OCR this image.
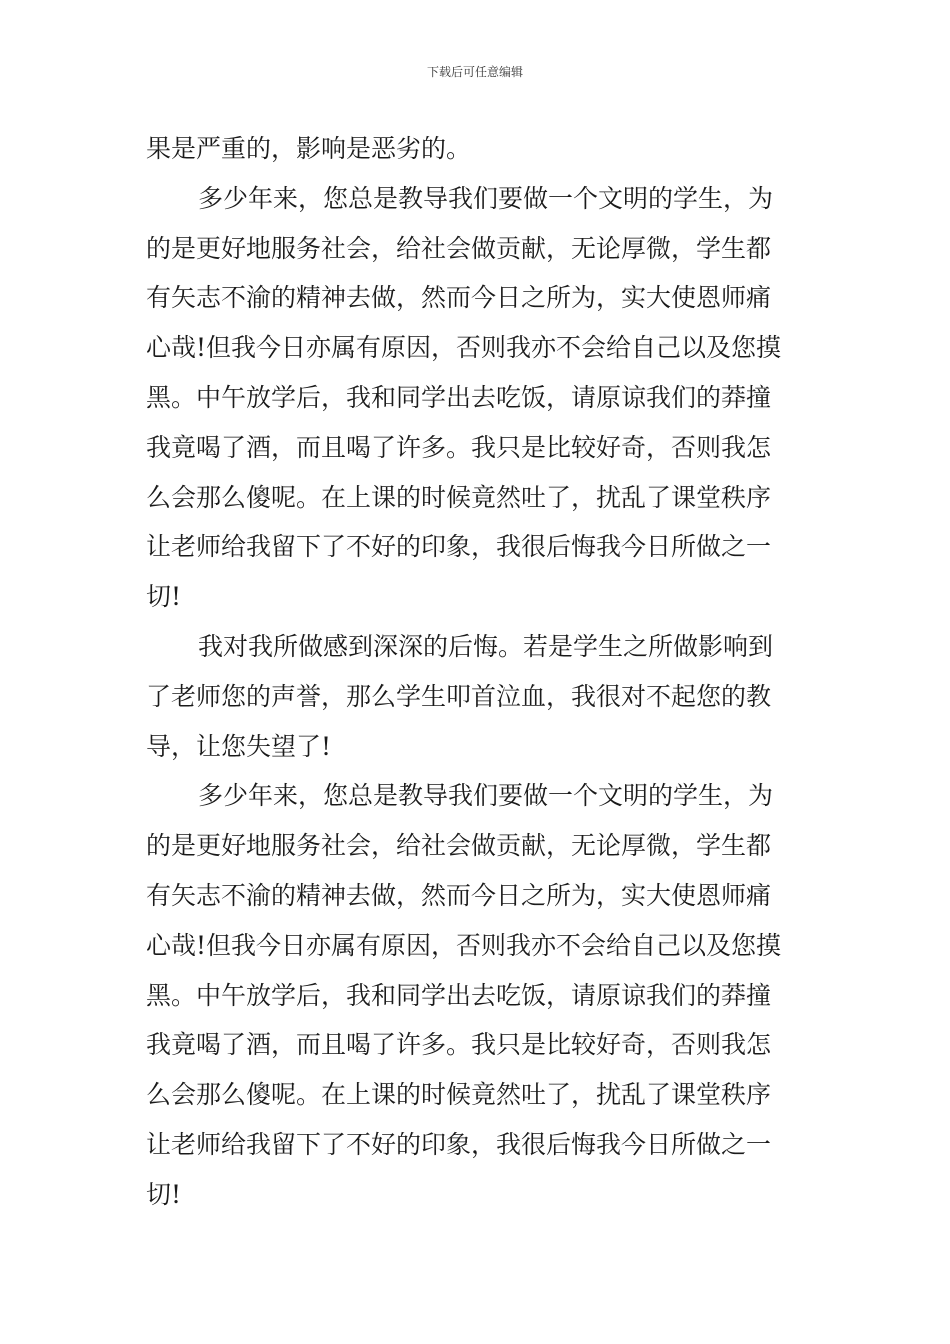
下载后可任意编辑
果是严重的，影响是恶劣的。
多少年来，您总是教导我们要做一个文明的学生，为
的是更好地服务社会，给社会做贡献，无论厚微，学生都
有矢志不渝的精神去做，然而今日之所为，实大使恩师痛
心哉!但我今日亦属有原因，否则我亦不会给自己以及您摸
黑。中午放学后，我和同学出去吃饭，请原谅我们的莽撞
我竟喝了酒，而且喝了许多。我只是比较好奇，否则我怎
么会那么傻呢。在上课的时候竟然吐了，扰乱了课堂秩序
让老师给我留下了不好的印象，我很后悔我今日所做之一
切!
我对我所做感到深深的后悔。若是学生之所做影响到
了老师您的声誉，那么学生叩首泣血，我很对不起您的教
导，让您失望了!
多少年来，您总是教导我们要做一个文明的学生，为
的是更好地服务社会，给社会做贡献，无论厚微，学生都
有矢志不渝的精神去做，然而今日之所为，实大使恩师痛
心哉!但我今日亦属有原因，否则我亦不会给自己以及您摸
黑。中午放学后，我和同学出去吃饭，请原谅我们的莽撞
我竟喝了酒，而且喝了许多。我只是比较好奇，否则我怎
么会那么傻呢。在上课的时候竟然吐了，扰乱了课堂秩序
让老师给我留下了不好的印象，我很后悔我今日所做之一
切!
